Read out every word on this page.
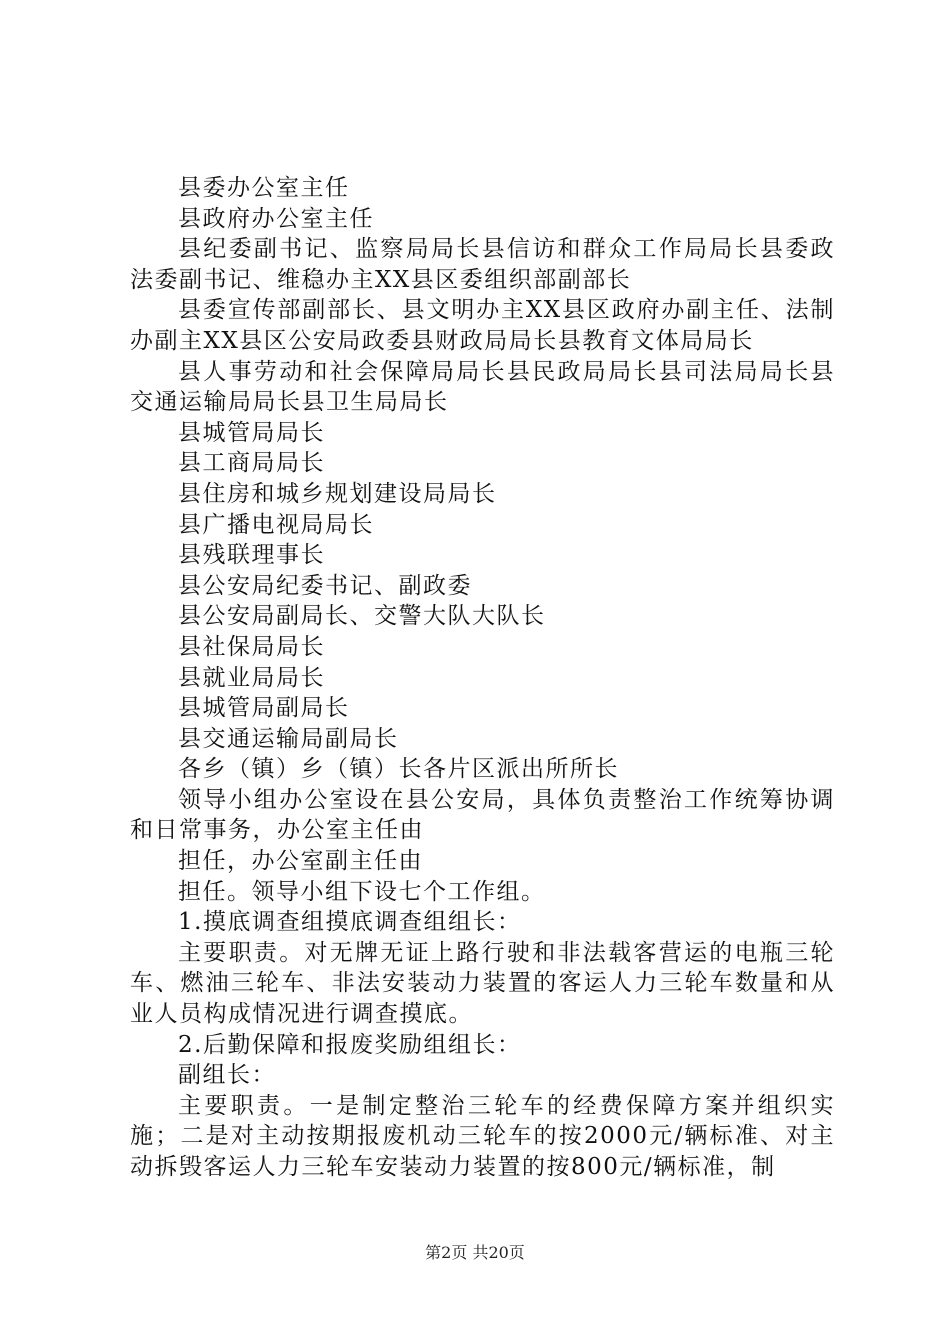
县委办公室主任

县政府办公室主任

县纪委副书记、监察局局长县信访和群众工作局局长县委政法委副书记、维稳办主XX县区委组织部副部长

县委宣传部副部长、县文明办主XX县区政府办副主任、法制办副主XX县区公安局政委县财政局局长县教育文体局局长

县人事劳动和社会保障局局长县民政局局长县司法局局长县交通运输局局长县卫生局局长

县城管局局长

县工商局局长

县住房和城乡规划建设局局长

县广播电视局局长

县残联理事长

县公安局纪委书记、副政委

县公安局副局长、交警大队大队长

县社保局局长

县就业局局长

县城管局副局长

县交通运输局副局长

各乡（镇）乡（镇）长各片区派出所所长

领导小组办公室设在县公安局，具体负责整治工作统筹协调和日常事务，办公室主任由

担任，办公室副主任由

担任。领导小组下设七个工作组。

1.摸底调查组摸底调查组组长：

主要职责。对无牌无证上路行驶和非法载客营运的电瓶三轮车、燃油三轮车、非法安装动力装置的客运人力三轮车数量和从业人员构成情况进行调查摸底。

2.后勤保障和报废奖励组组长：

副组长：

主要职责。一是制定整治三轮车的经费保障方案并组织实施；二是对主动按期报废机动三轮车的按2000元/辆标准、对主动拆毁客运人力三轮车安装动力装置的按800元/辆标准，制

第2页 共20页
